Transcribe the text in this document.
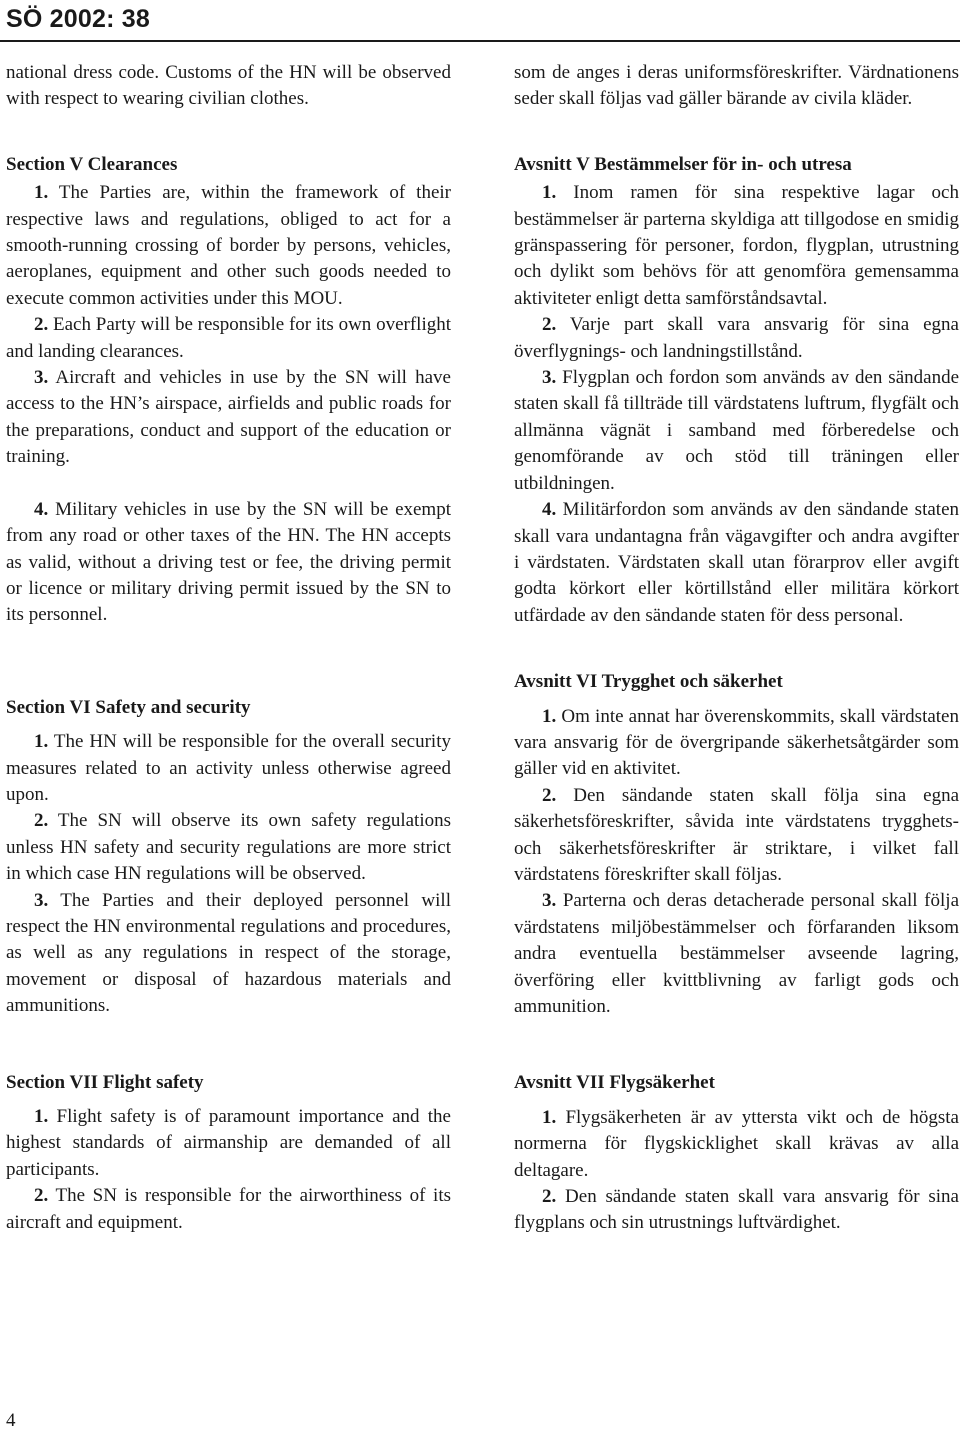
SÖ 2002: 38

national dress code. Customs of the HN will be observed with respect to wearing civilian clothes.

Section V Clearances

1. The Parties are, within the framework of their respective laws and regulations, obliged to act for a smooth-running crossing of border by persons, vehicles, aeroplanes, equipment and other such goods needed to execute common activities under this MOU.

2. Each Party will be responsible for its own overflight and landing clearances.

3. Aircraft and vehicles in use by the SN will have access to the HN’s airspace, airfields and public roads for the preparations, conduct and support of the education or training.

4. Military vehicles in use by the SN will be exempt from any road or other taxes of the HN. The HN accepts as valid, without a driving test or fee, the driving permit or licence or military driving permit issued by the SN to its personnel.

Section VI Safety and security

1. The HN will be responsible for the overall security measures related to an activity unless otherwise agreed upon.

2. The SN will observe its own safety regulations unless HN safety and security regulations are more strict in which case HN regulations will be observed.

3. The Parties and their deployed personnel will respect the HN environmental regulations and procedures, as well as any regulations in respect of the storage, movement or disposal of hazardous materials and ammunitions.

Section VII Flight safety

1. Flight safety is of paramount importance and the highest standards of airmanship are demanded of all participants.

2. The SN is responsible for the airworthiness of its aircraft and equipment.

som de anges i deras uniformsföreskrifter. Värdnationens seder skall följas vad gäller bärande av civila kläder.

Avsnitt V Bestämmelser för in- och utresa

1. Inom ramen för sina respektive lagar och bestämmelser är parterna skyldiga att tillgodose en smidig gränspassering för personer, fordon, flygplan, utrustning och dylikt som behövs för att genomföra gemensamma aktiviteter enligt detta samförståndsavtal.

2. Varje part skall vara ansvarig för sina egna överflygnings- och landningstillstånd.

3. Flygplan och fordon som används av den sändande staten skall få tillträde till värdstatens luftrum, flygfält och allmänna vägnät i samband med förberedelse och genomförande av och stöd till träningen eller utbildningen.

4. Militärfordon som används av den sändande staten skall vara undantagna från vägavgifter och andra avgifter i värdstaten. Värdstaten skall utan förarprov eller avgift godta körkort eller körtillstånd eller militära körkort utfärdade av den sändande staten för dess personal.

Avsnitt VI Trygghet och säkerhet

1. Om inte annat har överenskommits, skall värdstaten vara ansvarig för de övergripande säkerhetsåtgärder som gäller vid en aktivitet.

2. Den sändande staten skall följa sina egna säkerhetsföreskrifter, såvida inte värdstatens trygghets- och säkerhetsföreskrifter är striktare, i vilket fall värdstatens föreskrifter skall följas.

3. Parterna och deras detacherade personal skall följa värdstatens miljöbestämmelser och förfaranden liksom andra eventuella bestämmelser avseende lagring, överföring eller kvittblivning av farligt gods och ammunition.

Avsnitt VII Flygsäkerhet

1. Flygsäkerheten är av yttersta vikt och de högsta normerna för flygskicklighet skall krävas av alla deltagare.

2. Den sändande staten skall vara ansvarig för sina flygplans och sin utrustnings luftvärdighet.

4
